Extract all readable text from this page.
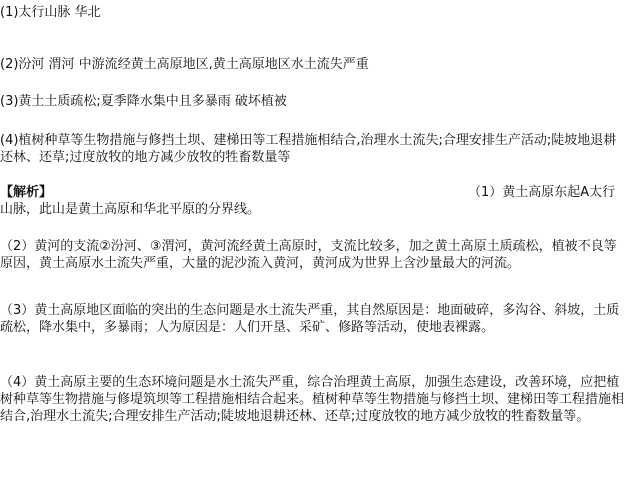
(1)太行山脉 华北
(2)汾河 渭河 中游流经黄土高原地区,黄土高原地区水土流失严重
(3)黄土土质疏松;夏季降水集中且多暴雨 破坏植被
(4)植树种草等生物措施与修挡土坝、建梯田等工程措施相结合,治理水土流失;合理安排生产活动;陡坡地退耕还林、还草;过度放牧的地方减少放牧的牲畜数量等
【解析】	（1）黄土高原东起A太行
山脉，此山是黄土高原和华北平原的分界线。
（2）黄河的支流②汾河、③渭河，黄河流经黄土高原时，支流比较多，加之黄土高原土质疏松，植被不良等原因，黄土高原水土流失严重，大量的泥沙流入黄河，黄河成为世界上含沙量最大的河流。
（3）黄土高原地区面临的突出的生态问题是水土流失严重，其自然原因是：地面破碎，多沟谷、斜坡，土质疏松，降水集中，多暴雨；人为原因是：人们开垦、采矿、修路等活动，使地表裸露。
（4）黄土高原主要的生态环境问题是水土流失严重，综合治理黄土高原，加强生态建设，改善环境，应把植树种草等生物措施与修堤筑坝等工程措施相结合起来。植树种草等生物措施与修挡土坝、建梯田等工程措施相结合,治理水土流失;合理安排生产活动;陡坡地退耕还林、还草;过度放牧的地方减少放牧的牲畜数量等。
